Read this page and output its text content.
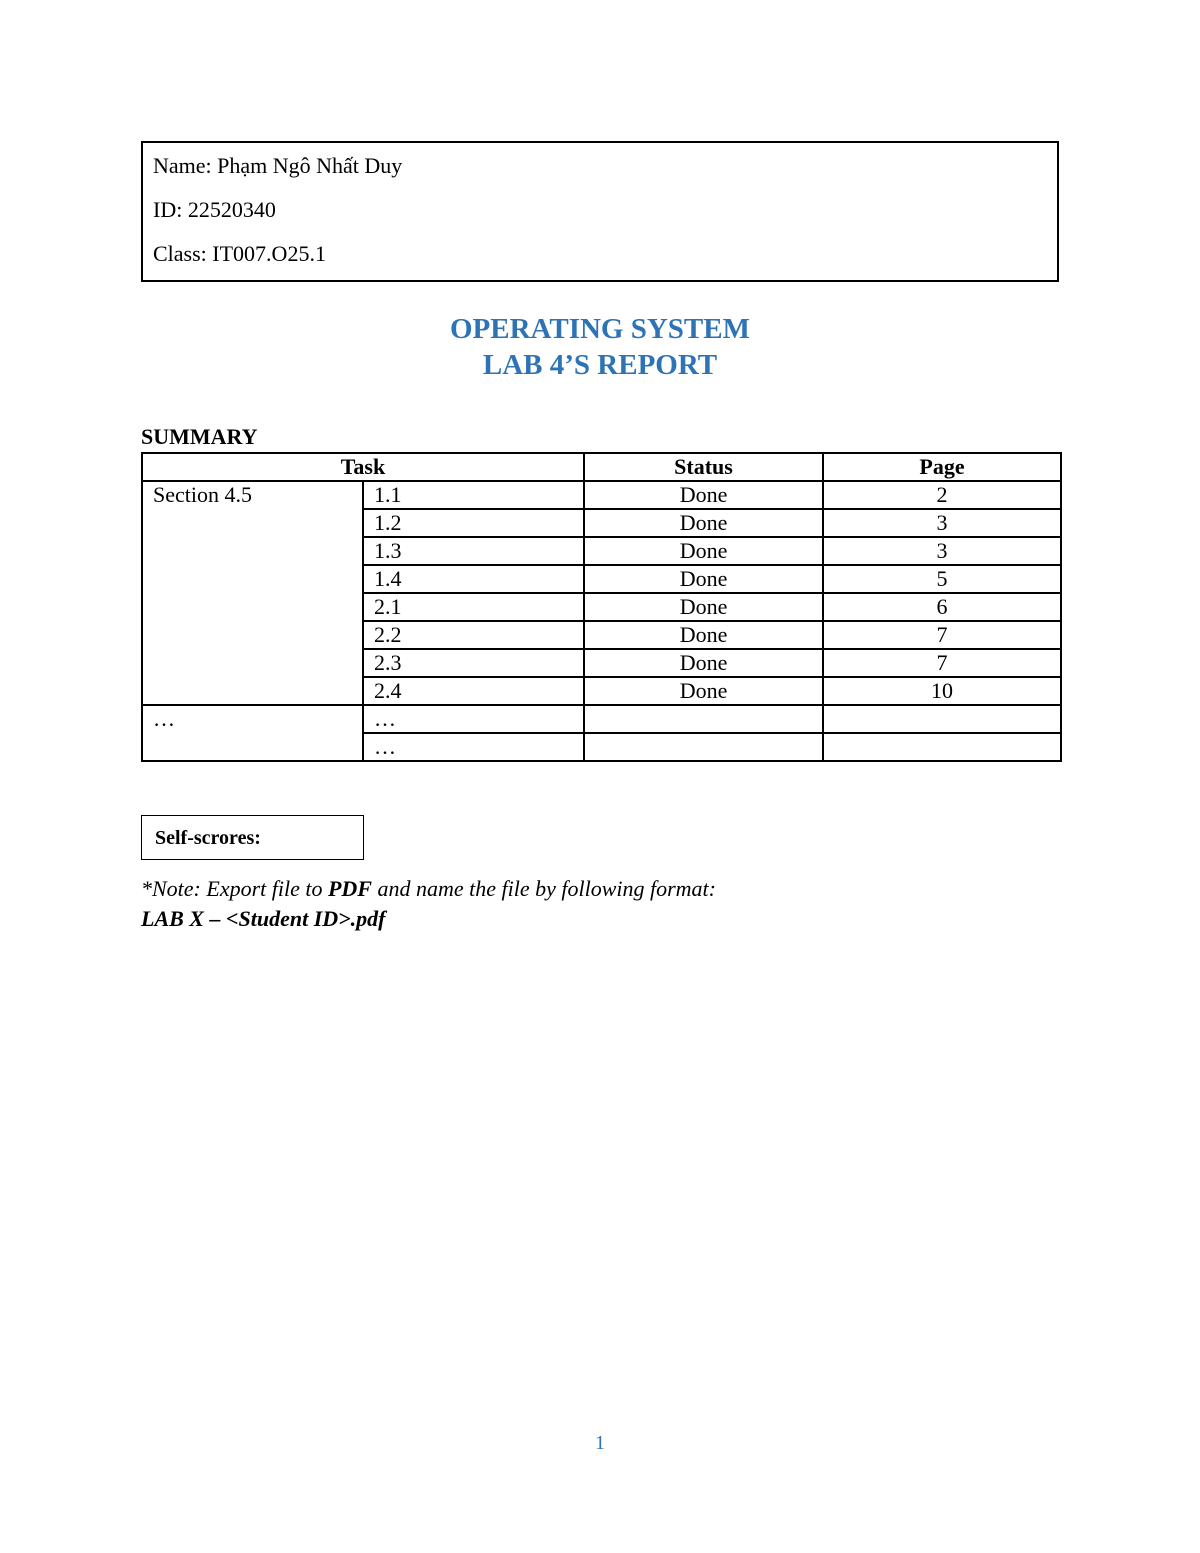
Name: Phạm Ngô Nhất Duy
ID: 22520340
Class: IT007.O25.1
OPERATING SYSTEM
LAB 4’S REPORT
SUMMARY
Task		Status	Page
Section 4.5	1.1	Done	2
	1.2	Done	3
	1.3	Done	3
	1.4	Done	5
	2.1	Done	6
	2.2	Done	7
	2.3	Done	7
	2.4	Done	10
…	…		
	…		
Self-scrores:
*Note: Export file to PDF and name the file by following format:
LAB X – <Student ID>.pdf
1
